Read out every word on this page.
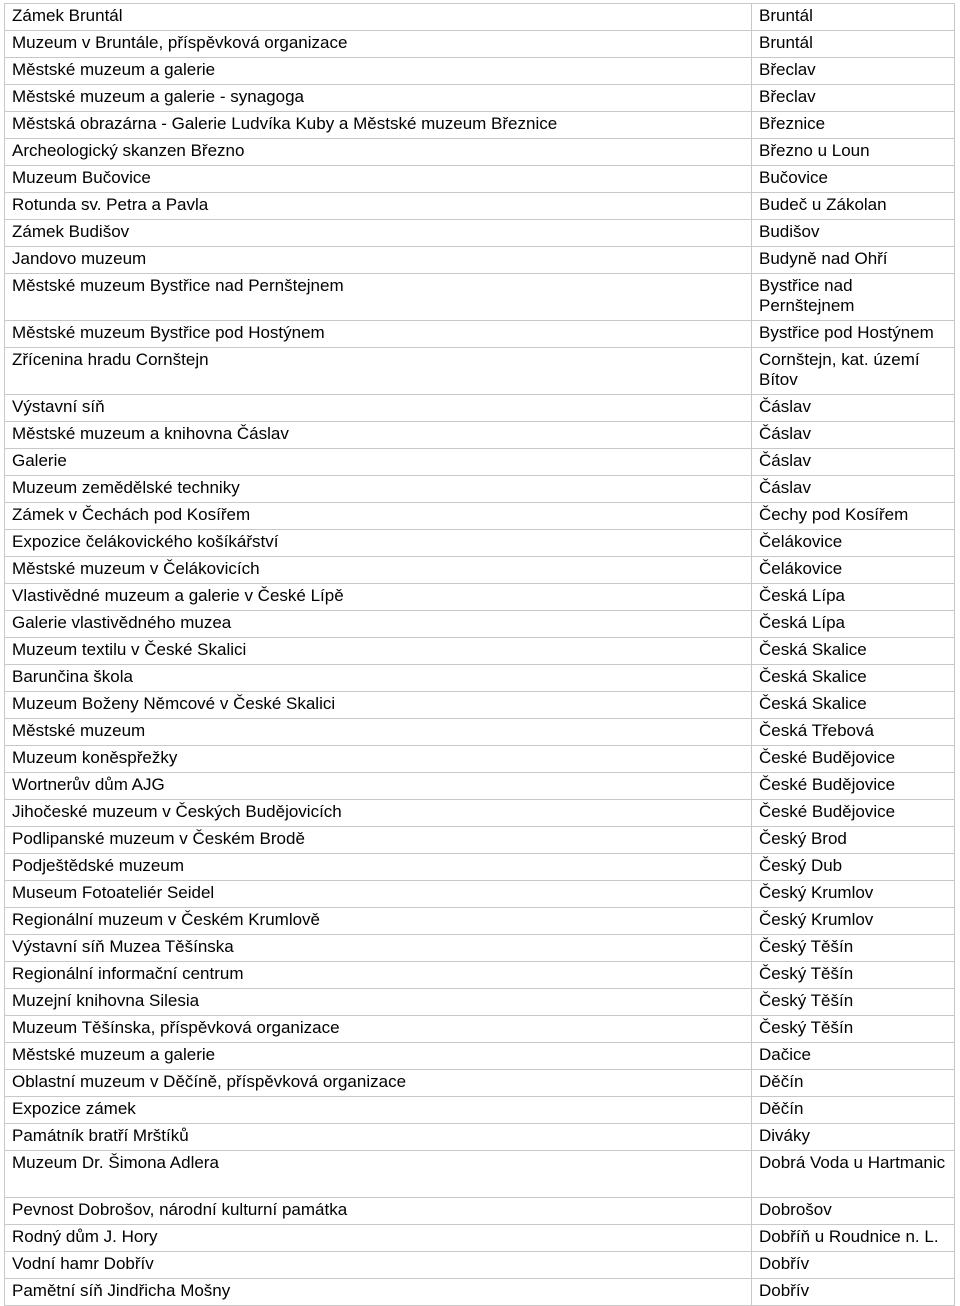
Zámek Bruntál	Bruntál
Muzeum v Bruntále, příspěvková organizace	Bruntál
Městské muzeum a galerie	Břeclav
Městské muzeum a galerie - synagoga	Břeclav
Městská obrazárna - Galerie Ludvíka Kuby a Městské muzeum Březnice	Březnice
Archeologický skanzen Březno	Březno u Loun
Muzeum Bučovice	Bučovice
Rotunda sv. Petra a Pavla	Budeč u Zákolan
Zámek Budišov	Budišov
Jandovo muzeum	Budyně nad Ohří
Městské muzeum Bystřice nad Pernštejnem	Bystřice nad Pernštejnem
Městské muzeum Bystřice pod Hostýnem	Bystřice pod Hostýnem
Zřícenina hradu Cornštejn	Cornštejn, kat. území Bítov
Výstavní síň	Čáslav
Městské muzeum a knihovna Čáslav	Čáslav
Galerie	Čáslav
Muzeum zemědělské techniky	Čáslav
Zámek v Čechách pod Kosířem	Čechy pod Kosířem
Expozice čelákovického košíkářství	Čelákovice
Městské muzeum v Čelákovicích	Čelákovice
Vlastivědné muzeum a galerie v České Lípě	Česká Lípa
Galerie vlastivědného muzea	Česká Lípa
Muzeum textilu v České Skalici	Česká Skalice
Barunčina škola	Česká Skalice
Muzeum Boženy Němcové v České Skalici	Česká Skalice
Městské muzeum	Česká Třebová
Muzeum koněspřežky	České Budějovice
Wortnerův dům AJG	České Budějovice
Jihočeské muzeum v Českých Budějovicích	České Budějovice
Podlipanské muzeum v Českém Brodě	Český Brod
Podještědské muzeum	Český Dub
Museum Fotoateliér Seidel	Český Krumlov
Regionální muzeum v Českém Krumlově	Český Krumlov
Výstavní síň Muzea Těšínska	Český Těšín
Regionální informační centrum	Český Těšín
Muzejní knihovna Silesia	Český Těšín
Muzeum Těšínska, příspěvková organizace	Český Těšín
Městské muzeum a galerie	Dačice
Oblastní muzeum v Děčíně, příspěvková organizace	Děčín
Expozice zámek	Děčín
Památník bratří Mrštíků	Diváky
Muzeum Dr. Šimona Adlera	Dobrá Voda u Hartmanic
Pevnost Dobrošov, národní kulturní památka	Dobrošov
Rodný dům J. Hory	Dobříň u Roudnice n. L.
Vodní hamr Dobřív	Dobřív
Pamětní síň Jindřicha Mošny	Dobřív
